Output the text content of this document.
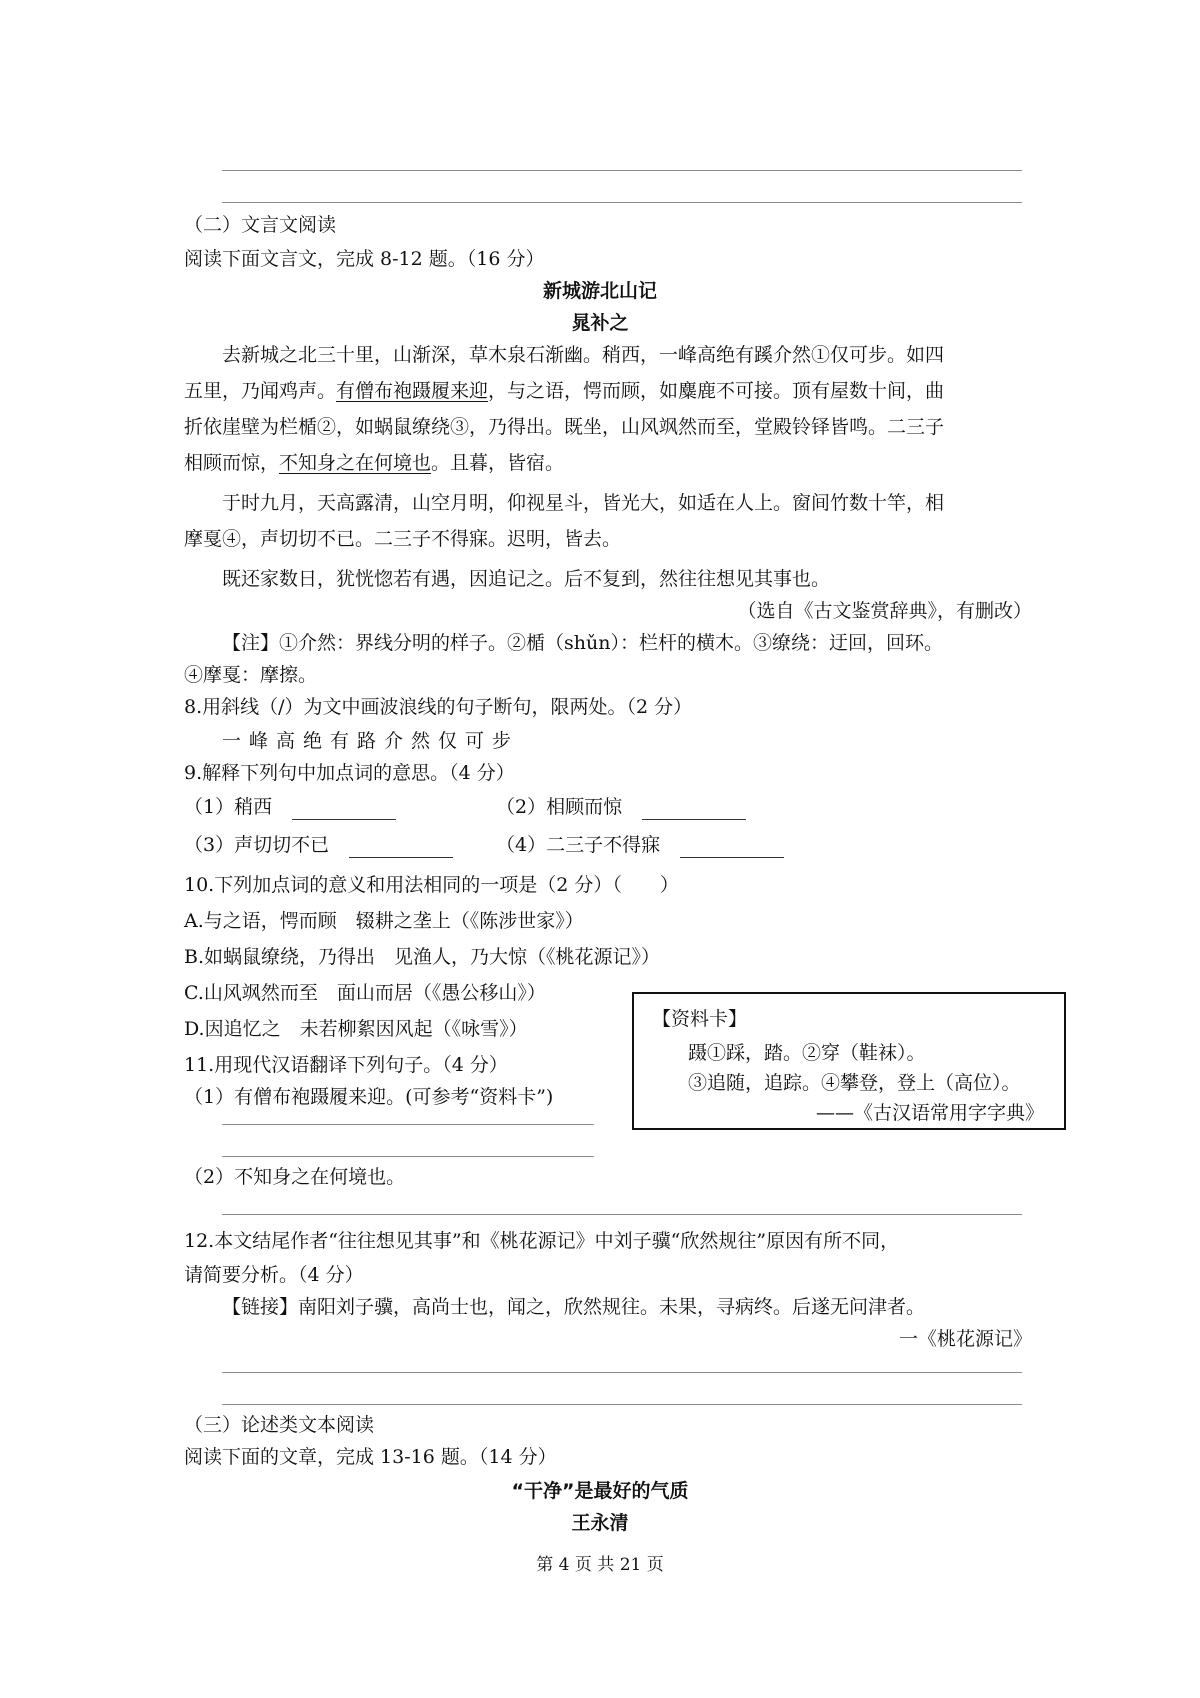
（二）文言文阅读
阅读下面文言文，完成 8-12 题。（16 分）
新城游北山记
晁补之
去新城之北三十里，山渐深，草木泉石渐幽。稍西，一峰高绝有蹊介然①仅可步。如四
五里，乃闻鸡声。有僧布袍蹑履来迎，与之语，愕而顾，如麋鹿不可接。顶有屋数十间，曲
折依崖壁为栏楯②，如蜗鼠缭绕③，乃得出。既坐，山风飒然而至，堂殿铃铎皆鸣。二三子
相顾而惊，不知身之在何境也。且暮，皆宿。
于时九月，天高露清，山空月明，仰视星斗，皆光大，如适在人上。窗间竹数十竿，相
摩戛④，声切切不已。二三子不得寐。迟明，皆去。
既还家数日，犹恍惚若有遇，因追记之。后不复到，然往往想见其事也。
（选自《古文鉴赏辞典》，有删改）
【注】①介然：界线分明的样子。②楯（shǔn）：栏杆的横木。③缭绕：迂回，回环。
④摩戛：摩擦。
8.用斜线（/）为文中画波浪线的句子断句，限两处。（2 分）
一峰高绝有路介然仅可步
9.解释下列句中加点词的意思。（4 分）
（1）稍西	（2）相顾而惊
（3）声切切不已	（4）二三子不得寐
10.下列加点词的意义和用法相同的一项是（2 分）（　　）
A.与之语，愕而顾　辍耕之垄上（《陈涉世家》）
B.如蜗鼠缭绕，乃得出　见渔人，乃大惊（《桃花源记》）
C.山风飒然而至　面山而居（《愚公移山》）
D.因追忆之　未若柳絮因风起（《咏雪》）
11.用现代汉语翻译下列句子。（4 分）
（1）有僧布袍蹑履来迎。(可参考“资料卡”)
（2）不知身之在何境也。
【资料卡】
蹑①踩，踏。②穿（鞋袜）。
③追随，追踪。④攀登，登上（高位）。
——《古汉语常用字字典》
12.本文结尾作者“往往想见其事”和《桃花源记》中刘子骥“欣然规往”原因有所不同，
请简要分析。（4 分）
【链接】南阳刘子骥，高尚士也，闻之，欣然规往。未果，寻病终。后遂无问津者。
一《桃花源记》
（三）论述类文本阅读
阅读下面的文章，完成 13-16 题。（14 分）
“干净”是最好的气质
王永清
第 4 页 共 21 页
